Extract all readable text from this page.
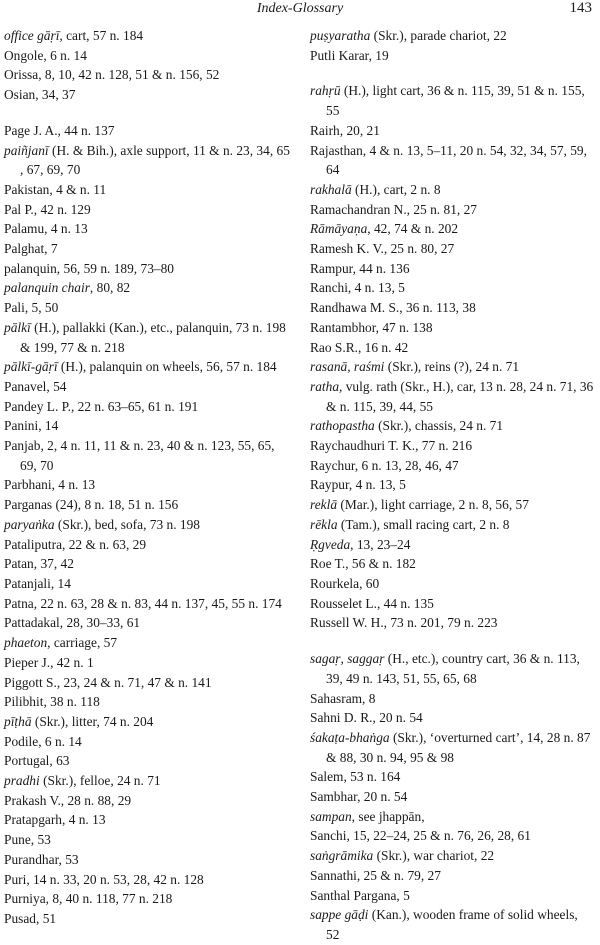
Index-Glossary	143
office gāṛī, cart, 57 n. 184
Ongole, 6 n. 14
Orissa, 8, 10, 42 n. 128, 51 & n. 156, 52
Osian, 34, 37
Page J. A., 44 n. 137
paiñjanī (H. & Bih.), axle support, 11 & n. 23, 34, 65 , 67, 69, 70
Pakistan, 4 & n. 11
Pal P., 42 n. 129
Palamu, 4 n. 13
Palghat, 7
palanquin, 56, 59 n. 189, 73–80
palanquin chair, 80, 82
Pali, 5, 50
pālkī (H.), pallakki (Kan.), etc., palanquin, 73 n. 198 & 199, 77 & n. 218
pālkī-gāṛī (H.), palanquin on wheels, 56, 57 n. 184
Panavel, 54
Pandey L. P., 22 n. 63–65, 61 n. 191
Panini, 14
Panjab, 2, 4 n. 11, 11 & n. 23, 40 & n. 123, 55, 65, 69, 70
Parbhani, 4 n. 13
Parganas (24), 8 n. 18, 51 n. 156
paryaṅka (Skr.), bed, sofa, 73 n. 198
Pataliputra, 22 & n. 63, 29
Patan, 37, 42
Patanjali, 14
Patna, 22 n. 63, 28 & n. 83, 44 n. 137, 45, 55 n. 174
Pattadakal, 28, 30–33, 61
phaeton, carriage, 57
Pieper J., 42 n. 1
Piggott S., 23, 24 & n. 71, 47 & n. 141
Pilibhit, 38 n. 118
pīṭhā (Skr.), litter, 74 n. 204
Podile, 6 n. 14
Portugal, 63
pradhi (Skr.), felloe, 24 n. 71
Prakash V., 28 n. 88, 29
Pratapgarh, 4 n. 13
Pune, 53
Purandhar, 53
Puri, 14 n. 33, 20 n. 53, 28, 42 n. 128
Purniya, 8, 40 n. 118, 77 n. 218
Pusad, 51
puṣyaratha (Skr.), parade chariot, 22
Putli Karar, 19
rahṛū (H.), light cart, 36 & n. 115, 39, 51 & n. 155, 55
Rairh, 20, 21
Rajasthan, 4 & n. 13, 5–11, 20 n. 54, 32, 34, 57, 59, 64
rakhalā (H.), cart, 2 n. 8
Ramachandran N., 25 n. 81, 27
Rāmāyaṇa, 42, 74 & n. 202
Ramesh K. V., 25 n. 80, 27
Rampur, 44 n. 136
Ranchi, 4 n. 13, 5
Randhawa M. S., 36 n. 113, 38
Rantambhor, 47 n. 138
Rao S.R., 16 n. 42
rasanā, raśmi (Skr.), reins (?), 24 n. 71
ratha, vulg. rath (Skr., H.), car, 13 n. 28, 24 n. 71, 36 & n. 115, 39, 44, 55
rathopastha (Skr.), chassis, 24 n. 71
Raychaudhuri T. K., 77 n. 216
Raychur, 6 n. 13, 28, 46, 47
Raypur, 4 n. 13, 5
reklā (Mar.), light carriage, 2 n. 8, 56, 57
rēkla (Tam.), small racing cart, 2 n. 8
Ṛgveda, 13, 23–24
Roe T., 56 & n. 182
Rourkela, 60
Rousselet L., 44 n. 135
Russell W. H., 73 n. 201, 79 n. 223
sagaṛ, saggaṛ (H., etc.), country cart, 36 & n. 113, 39, 49 n. 143, 51, 55, 65, 68
Sahasram, 8
Sahni D. R., 20 n. 54
śakaṭa-bhaṅga (Skr.), ‘overturned cart’, 14, 28 n. 87 & 88, 30 n. 94, 95 & 98
Salem, 53 n. 164
Sambhar, 20 n. 54
sampan, see jhappān,
Sanchi, 15, 22–24, 25 & n. 76, 26, 28, 61
saṅgrāmika (Skr.), war chariot, 22
Sannathi, 25 & n. 79, 27
Santhal Pargana, 5
sappe gāḍi (Kan.), wooden frame of solid wheels, 52
